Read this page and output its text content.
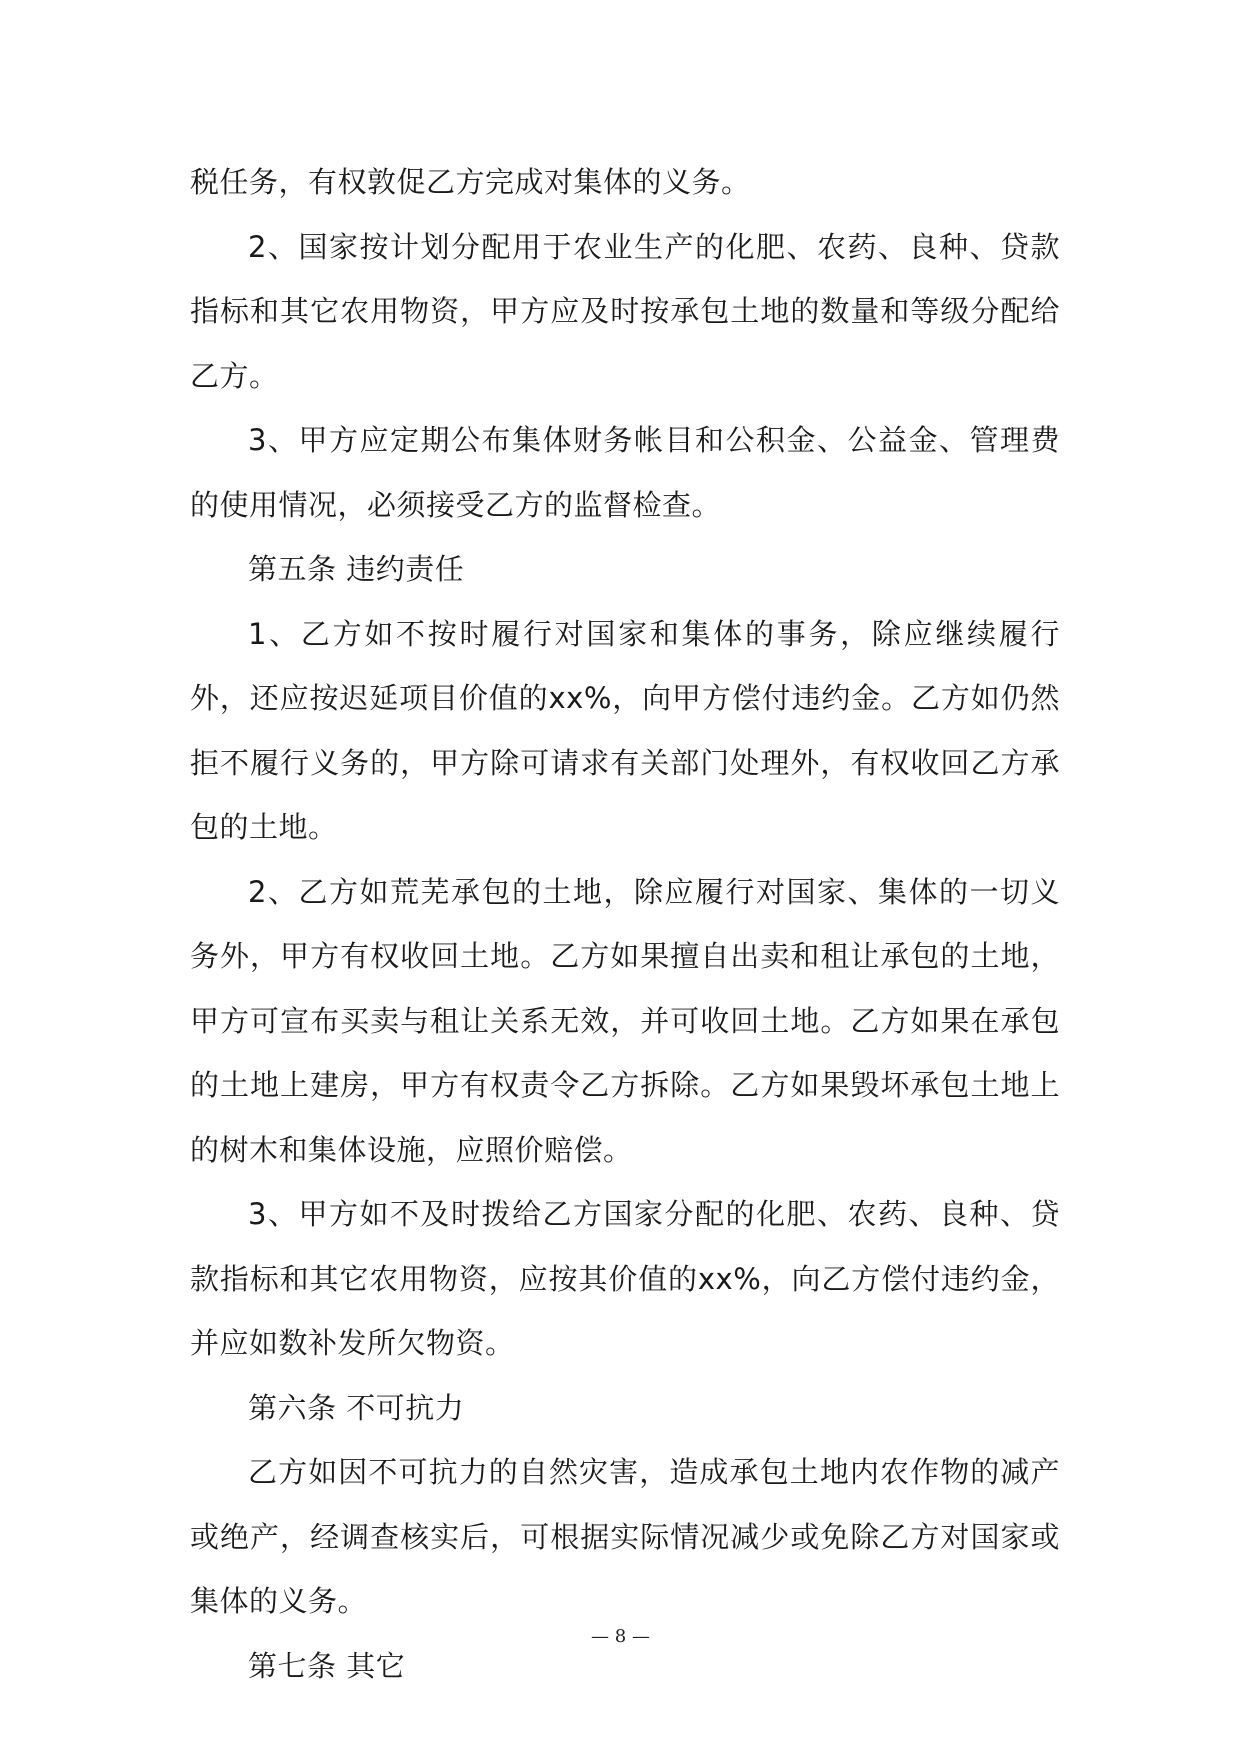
税任务，有权敦促乙方完成对集体的义务。

2、国家按计划分配用于农业生产的化肥、农药、良种、贷款指标和其它农用物资，甲方应及时按承包土地的数量和等级分配给乙方。

3、甲方应定期公布集体财务帐目和公积金、公益金、管理费的使用情况，必须接受乙方的监督检查。

第五条 违约责任

1、乙方如不按时履行对国家和集体的事务，除应继续履行外，还应按迟延项目价值的xx%，向甲方偿付违约金。乙方如仍然拒不履行义务的，甲方除可请求有关部门处理外，有权收回乙方承包的土地。

2、乙方如荒芜承包的土地，除应履行对国家、集体的一切义务外，甲方有权收回土地。乙方如果擅自出卖和租让承包的土地，甲方可宣布买卖与租让关系无效，并可收回土地。乙方如果在承包的土地上建房，甲方有权责令乙方拆除。乙方如果毁坏承包土地上的树木和集体设施，应照价赔偿。

3、甲方如不及时拨给乙方国家分配的化肥、农药、良种、贷款指标和其它农用物资，应按其价值的xx%，向乙方偿付违约金，并应如数补发所欠物资。

第六条 不可抗力

乙方如因不可抗力的自然灾害，造成承包土地内农作物的减产或绝产，经调查核实后，可根据实际情况减少或免除乙方对国家或集体的义务。

第七条 其它

— 8 —
